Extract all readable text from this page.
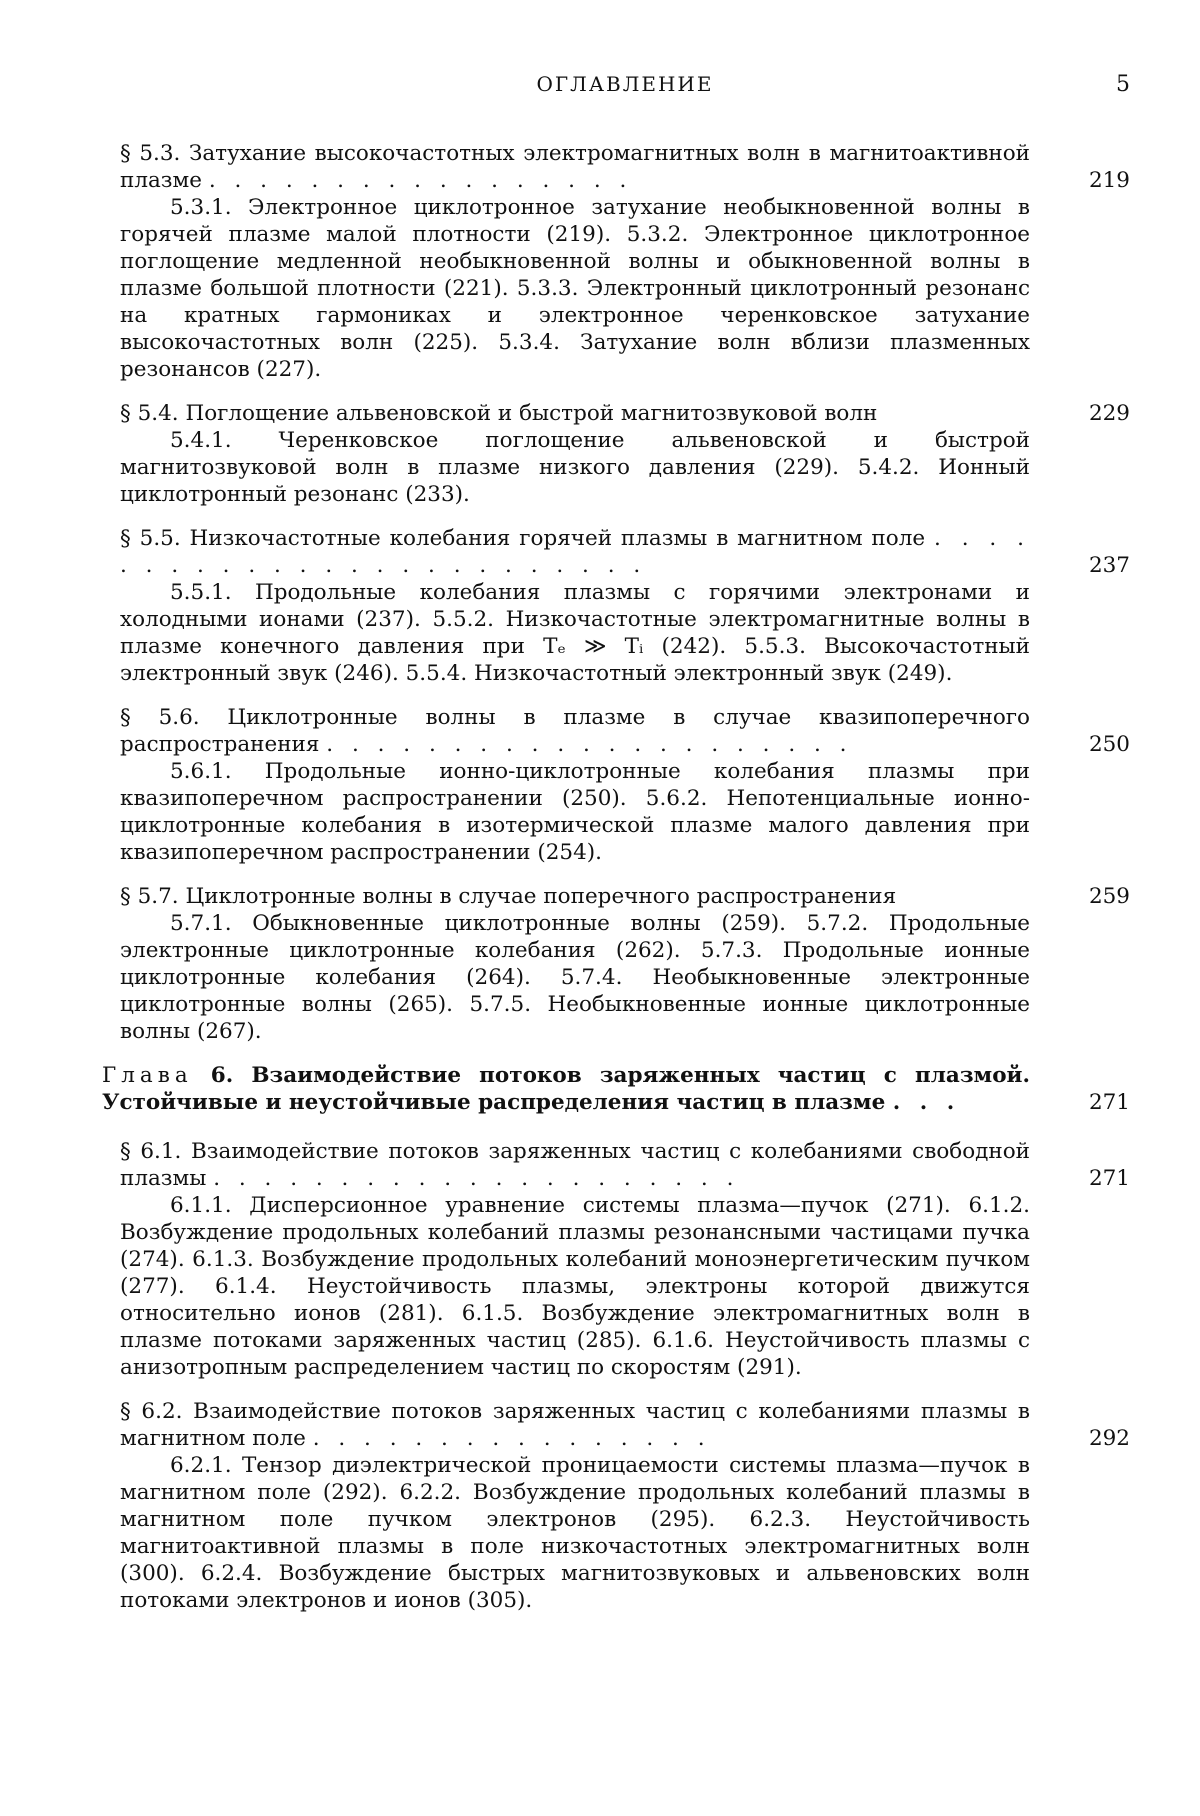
ОГЛАВЛЕНИЕ	5
§ 5.3. Затухание высокочастотных электромагнитных волн в магнитоактивной плазме . . . . . . . . . . . . . . . . .	219
5.3.1. Электронное циклотронное затухание необыкновенной волны в горячей плазме малой плотности (219). 5.3.2. Электронное циклотронное поглощение медленной необыкновенной волны и обыкновенной волны в плазме большой плотности (221). 5.3.3. Электронный циклотронный резонанс на кратных гармониках и электронное черенковское затухание высокочастотных волн (225). 5.3.4. Затухание волн вблизи плазменных резонансов (227).
§ 5.4. Поглощение альвеновской и быстрой магнитозвуковой волн	229
5.4.1. Черенковское поглощение альвеновской и быстрой магнитозвуковой волн в плазме низкого давления (229). 5.4.2. Ионный циклотронный резонанс (233).
§ 5.5. Низкочастотные колебания горячей плазмы в магнитном поле . . . . . . . . . . . . . . . . . . . . . . . . .	237
5.5.1. Продольные колебания плазмы с горячими электронами и холодными ионами (237). 5.5.2. Низкочастотные электромагнитные волны в плазме конечного давления при Tₑ ≫ Tᵢ (242). 5.5.3. Высокочастотный электронный звук (246). 5.5.4. Низкочастотный электронный звук (249).
§ 5.6. Циклотронные волны в плазме в случае квазипоперечного распространения . . . . . . . . . . . . . . . . . . . . .	250
5.6.1. Продольные ионно-циклотронные колебания плазмы при квазипоперечном распространении (250). 5.6.2. Непотенциальные ионно-циклотронные колебания в изотермической плазме малого давления при квазипоперечном распространении (254).
§ 5.7. Циклотронные волны в случае поперечного распространения	259
5.7.1. Обыкновенные циклотронные волны (259). 5.7.2. Продольные электронные циклотронные колебания (262). 5.7.3. Продольные ионные циклотронные колебания (264). 5.7.4. Необыкновенные электронные циклотронные волны (265). 5.7.5. Необыкновенные ионные циклотронные волны (267).
Глава 6. Взаимодействие потоков заряженных частиц с плазмой. Устойчивые и неустойчивые распределения частиц в плазме . . .	271
§ 6.1. Взаимодействие потоков заряженных частиц с колебаниями свободной плазмы . . . . . . . . . . . . . . . . . . . . .	271
6.1.1. Дисперсионное уравнение системы плазма—пучок (271). 6.1.2. Возбуждение продольных колебаний плазмы резонансными частицами пучка (274). 6.1.3. Возбуждение продольных колебаний моноэнергетическим пучком (277). 6.1.4. Неустойчивость плазмы, электроны которой движутся относительно ионов (281). 6.1.5. Возбуждение электромагнитных волн в плазме потоками заряженных частиц (285). 6.1.6. Неустойчивость плазмы с анизотропным распределением частиц по скоростям (291).
§ 6.2. Взаимодействие потоков заряженных частиц с колебаниями плазмы в магнитном поле . . . . . . . . . . . . . . . .	292
6.2.1. Тензор диэлектрической проницаемости системы плазма—пучок в магнитном поле (292). 6.2.2. Возбуждение продольных колебаний плазмы в магнитном поле пучком электронов (295). 6.2.3. Неустойчивость магнитоактивной плазмы в поле низкочастотных электромагнитных волн (300). 6.2.4. Возбуждение быстрых магнитозвуковых и альвеновских волн потоками электронов и ионов (305).
